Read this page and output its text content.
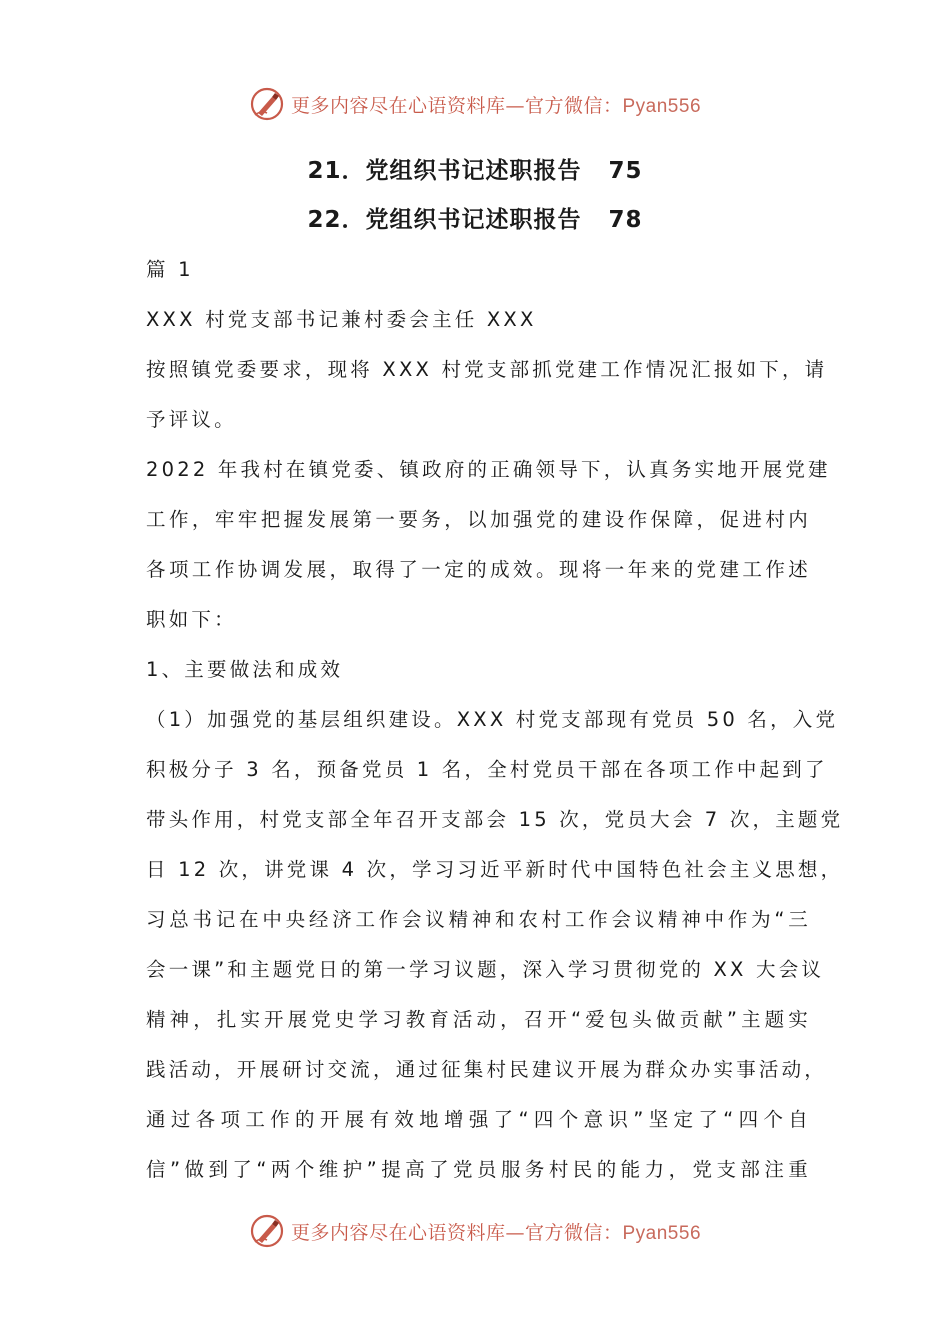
更多内容尽在心语资料库—官方微信：Pyan556
21．党组织书记述职报告 75
22．党组织书记述职报告 78
篇 1
XXX 村党支部书记兼村委会主任 XXX
按照镇党委要求，现将 XXX 村党支部抓党建工作情况汇报如下，请
予评议。
2022 年我村在镇党委、镇政府的正确领导下，认真务实地开展党建
工作，牢牢把握发展第一要务，以加强党的建设作保障，促进村内
各项工作协调发展，取得了一定的成效。现将一年来的党建工作述
职如下：
1、主要做法和成效
（1）加强党的基层组织建设。XXX 村党支部现有党员 50 名，入党
积极分子 3 名，预备党员 1 名，全村党员干部在各项工作中起到了
带头作用，村党支部全年召开支部会 15 次，党员大会 7 次，主题党
日 12 次，讲党课 4 次，学习习近平新时代中国特色社会主义思想，
习总书记在中央经济工作会议精神和农村工作会议精神中作为“三
会一课”和主题党日的第一学习议题，深入学习贯彻党的 XX 大会议
精神，扎实开展党史学习教育活动，召开“爱包头做贡献”主题实
践活动，开展研讨交流，通过征集村民建议开展为群众办实事活动，
通过各项工作的开展有效地增强了“四个意识”坚定了“四个自
信”做到了“两个维护”提高了党员服务村民的能力，党支部注重
更多内容尽在心语资料库—官方微信：Pyan556
